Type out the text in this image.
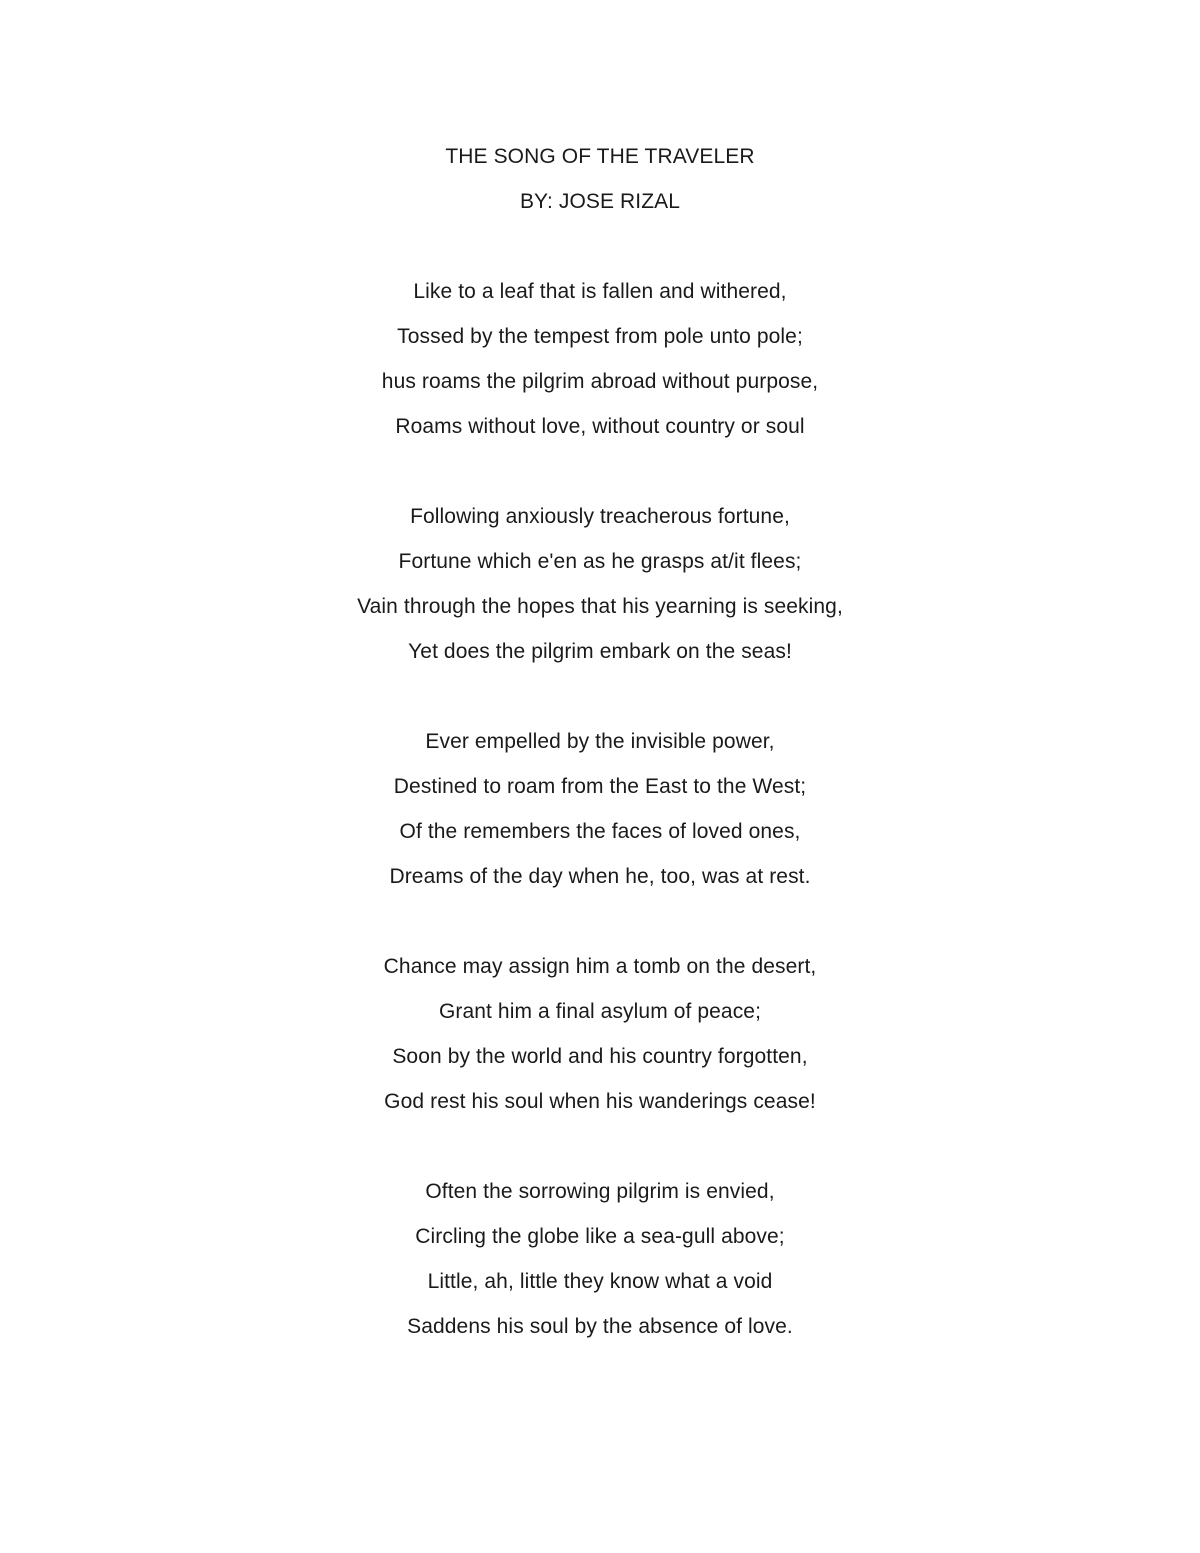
THE SONG OF THE TRAVELER
BY: JOSE RIZAL
Like to a leaf that is fallen and withered,
Tossed by the tempest from pole unto pole;
hus roams the pilgrim abroad without purpose,
Roams without love, without country or soul
Following anxiously treacherous fortune,
Fortune which e'en as he grasps at/it flees;
Vain through the hopes that his yearning is seeking,
Yet does the pilgrim embark on the seas!
Ever empelled by the invisible power,
Destined to roam from the East to the West;
Of the remembers the faces of loved ones,
Dreams of the day when he, too, was at rest.
Chance may assign him a tomb on the desert,
Grant him a final asylum of peace;
Soon by the world and his country forgotten,
God rest his soul when his wanderings cease!
Often the sorrowing pilgrim is envied,
Circling the globe like a sea-gull above;
Little, ah, little they know what a void
Saddens his soul by the absence of love.
